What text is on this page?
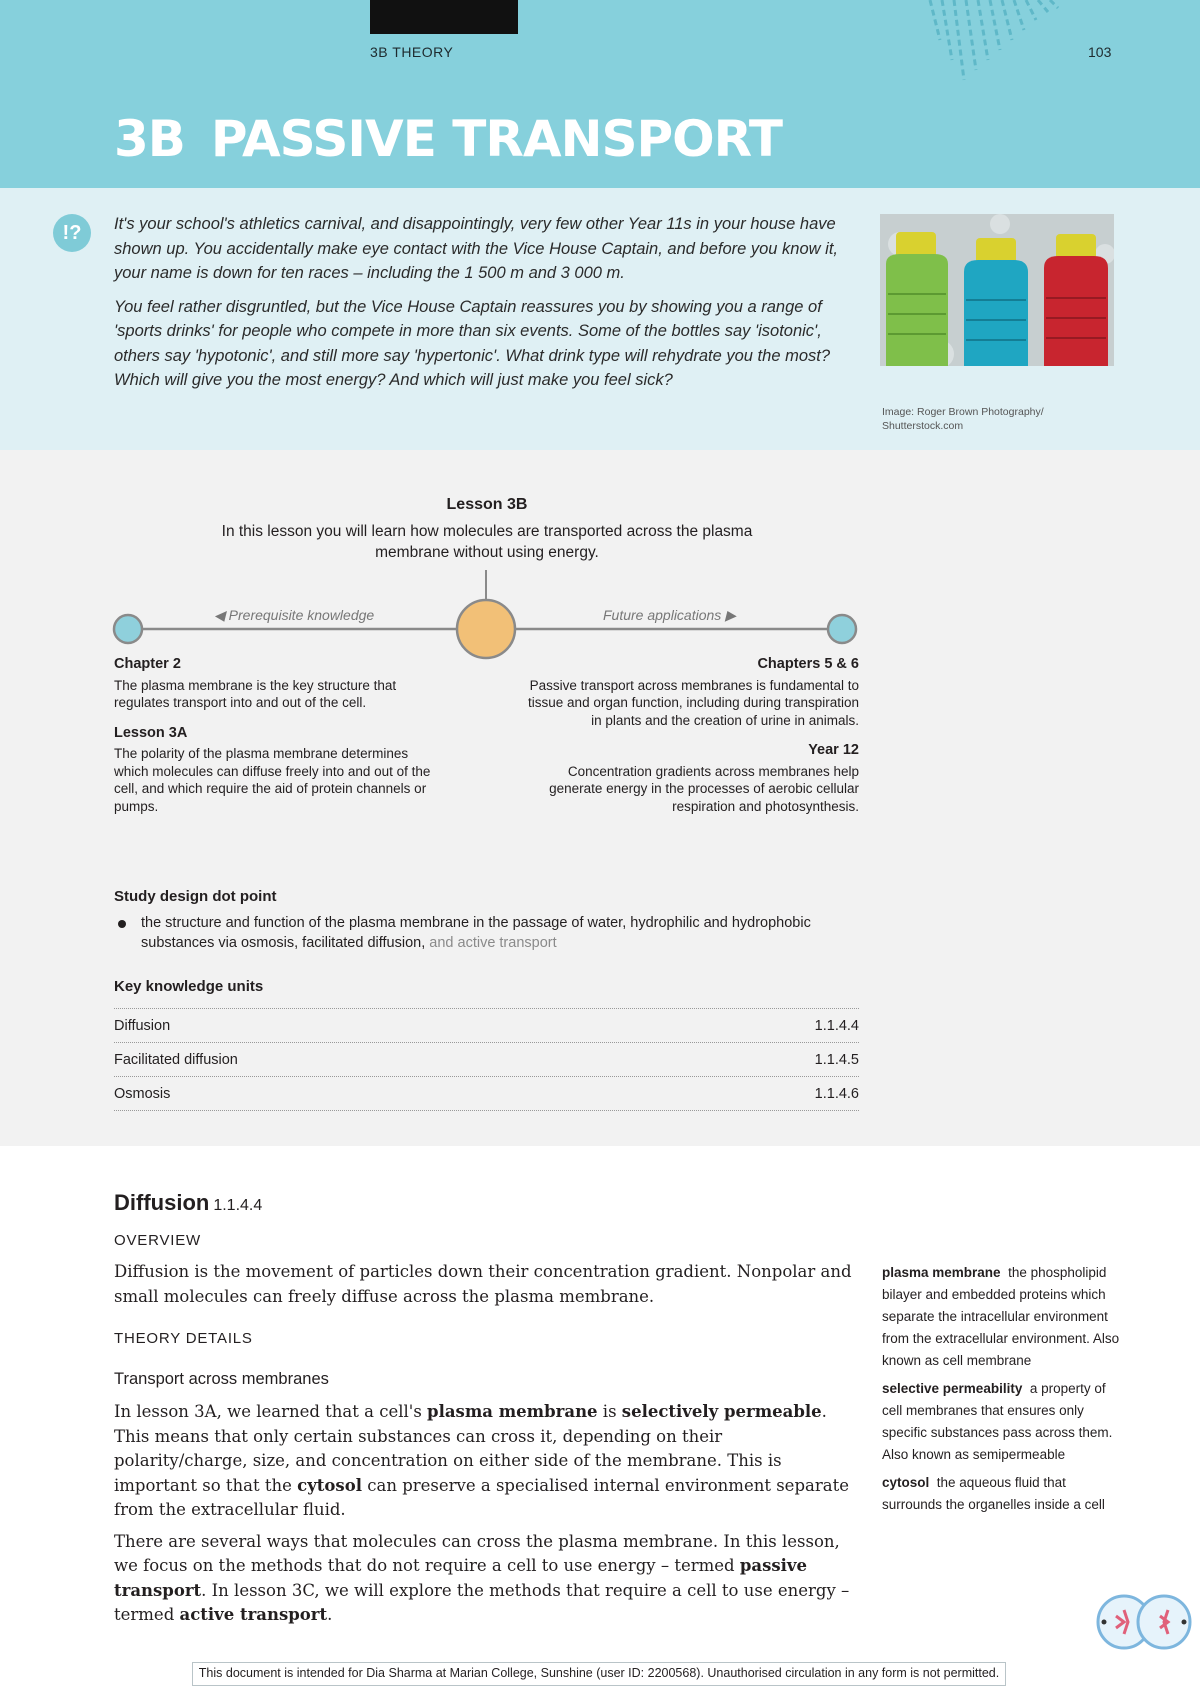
3B THEORY	103
3B PASSIVE TRANSPORT
!?	It's your school's athletics carnival, and disappointingly, very few other Year 11s in your house have shown up. You accidentally make eye contact with the Vice House Captain, and before you know it, your name is down for ten races – including the 1 500 m and 3 000 m.

You feel rather disgruntled, but the Vice House Captain reassures you by showing you a range of 'sports drinks' for people who compete in more than six events. Some of the bottles say 'isotonic', others say 'hypotonic', and still more say 'hypertonic'. What drink type will rehydrate you the most? Which will give you the most energy? And which will just make you feel sick?

Image: Roger Brown Photography/ Shutterstock.com
Lesson 3B
In this lesson you will learn how molecules are transported across the plasma membrane without using energy.
◀ Prerequisite knowledge	Future applications ▶
Chapter 2
The plasma membrane is the key structure that regulates transport into and out of the cell.
Lesson 3A
The polarity of the plasma membrane determines which molecules can diffuse freely into and out of the cell, and which require the aid of protein channels or pumps.
Chapters 5 & 6
Passive transport across membranes is fundamental to tissue and organ function, including during transpiration in plants and the creation of urine in animals.
Year 12
Concentration gradients across membranes help generate energy in the processes of aerobic cellular respiration and photosynthesis.
Study design dot point
the structure and function of the plasma membrane in the passage of water, hydrophilic and hydrophobic substances via osmosis, facilitated diffusion, and active transport
Key knowledge units
Diffusion	1.1.4.4
Facilitated diffusion	1.1.4.5
Osmosis	1.1.4.6
Diffusion 1.1.4.4
OVERVIEW
Diffusion is the movement of particles down their concentration gradient. Nonpolar and small molecules can freely diffuse across the plasma membrane.
THEORY DETAILS
Transport across membranes

In lesson 3A, we learned that a cell's plasma membrane is selectively permeable. This means that only certain substances can cross it, depending on their polarity/charge, size, and concentration on either side of the membrane. This is important so that the cytosol can preserve a specialised internal environment separate from the extracellular fluid.

There are several ways that molecules can cross the plasma membrane. In this lesson, we focus on the methods that do not require a cell to use energy – termed passive transport. In lesson 3C, we will explore the methods that require a cell to use energy – termed active transport.

plasma membrane the phospholipid bilayer and embedded proteins which separate the intracellular environment from the extracellular environment. Also known as cell membrane
selective permeability a property of cell membranes that ensures only specific substances pass across them. Also known as semipermeable
cytosol the aqueous fluid that surrounds the organelles inside a cell
This document is intended for Dia Sharma at Marian College, Sunshine (user ID: 2200568). Unauthorised circulation in any form is not permitted.
